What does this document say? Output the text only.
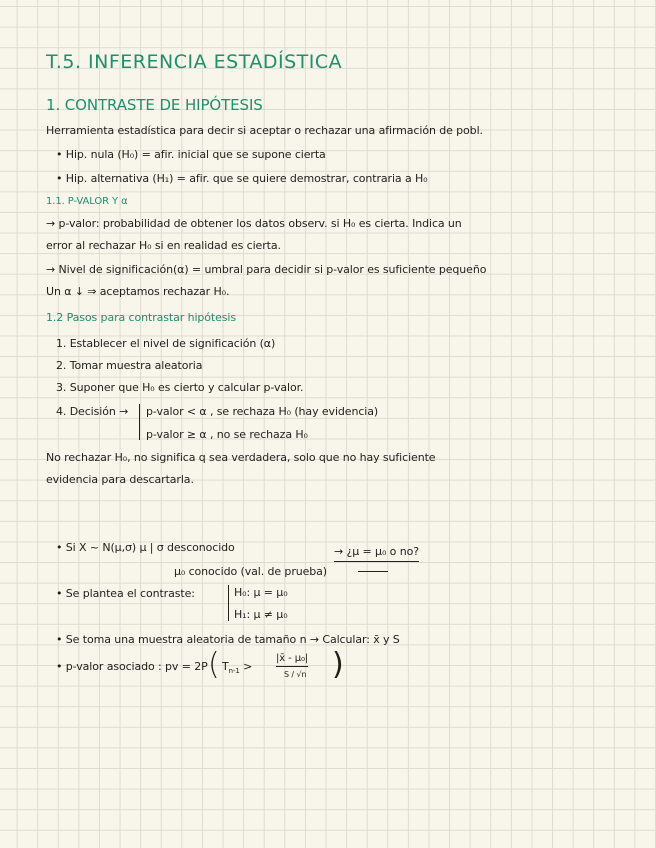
T.5. INFERENCIA ESTADÍSTICA
1. CONTRASTE DE HIPÓTESIS
Herramienta estadística para decir si aceptar o rechazar una afirmación de pobl.
• Hip. nula (H₀) = afir. inicial que se supone cierta
• Hip. alternativa (H₁) = afir. que se quiere demostrar, contraria a H₀
1.1. P-VALOR Y α
→ p-valor: probabilidad de obtener los datos observ. si H₀ es cierta. Indica un
error al rechazar H₀ si en realidad es cierta.
→ Nivel de significación(α) = umbral para decidir si p-valor es suficiente pequeño
Un α ↓ ⇒ aceptamos rechazar H₀.
1.2 Pasos para contrastar hipótesis
1. Establecer el nivel de significación (α)
2. Tomar muestra aleatoria
3. Suponer que H₀ es cierto y calcular p-valor.
4. Decisión → p-valor < α , se rechaza H₀ (hay evidencia)
p-valor ≥ α , no se rechaza H₀
No rechazar H₀, no significa q sea verdadera, solo que no hay suficiente
evidencia para descartarla.
• Si X ~ N(μ,σ) μ | σ desconocido
μ₀ conocido (val. de prueba)
→ ¿μ = μ₀ o no?
• Se plantea el contraste:	H₀: μ = μ₀
H₁: μ ≠ μ₀
• Se toma una muestra aleatoria de tamaño n → Calcular: x̄ y S
• p-valor asociado : pv = 2P ( $T_{n-1}$ >
|x̄ - μ₀|
S / √n )
